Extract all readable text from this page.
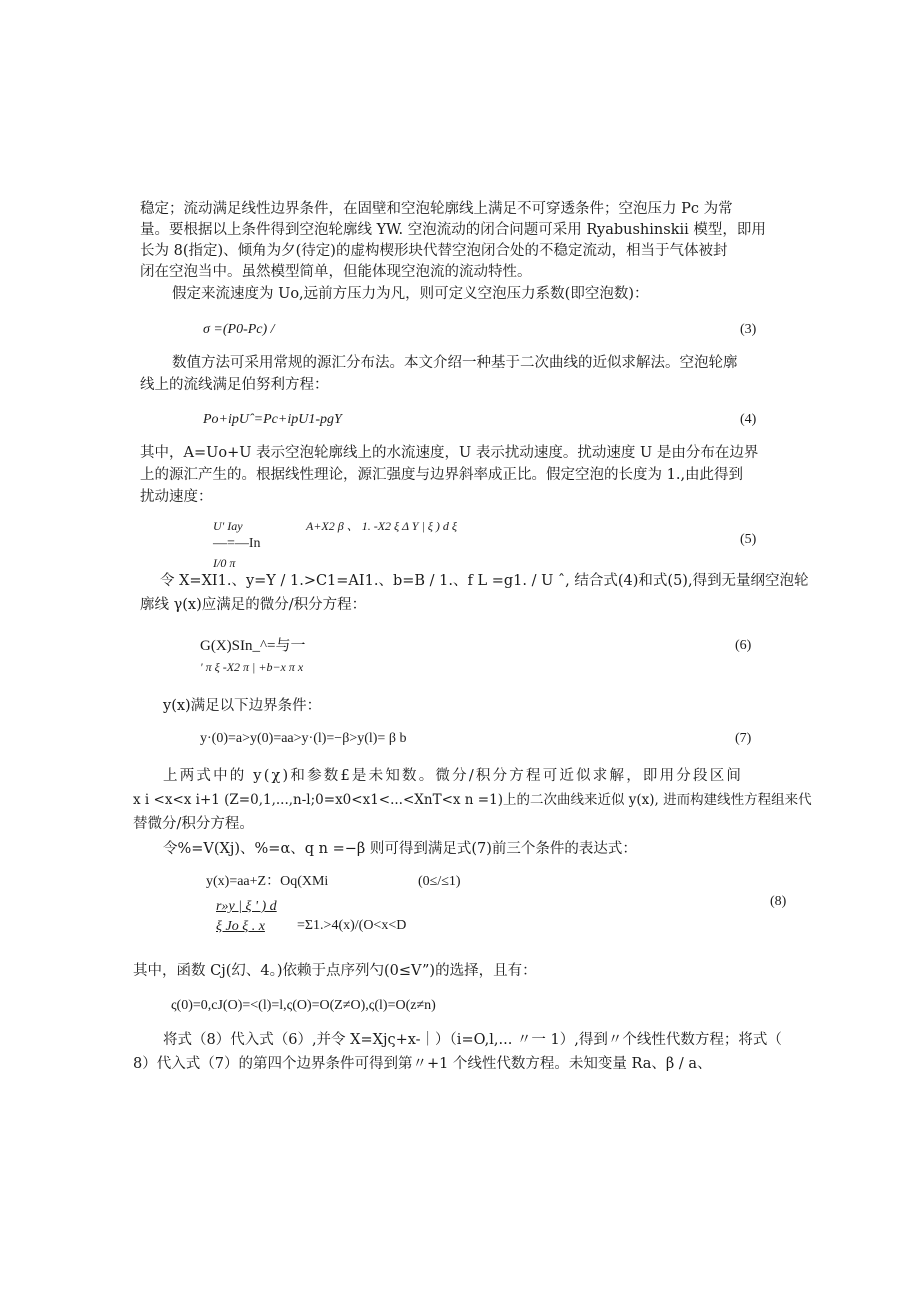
稳定；流动满足线性边界条件，在固壁和空泡轮廓线上满足不可穿透条件；空泡压力 Pc 为常
量。要根据以上条件得到空泡轮廓线 YW. 空泡流动的闭合问题可采用 Ryabushinskii 模型，即用
长为 8(指定)、倾角为夕(待定)的虚构楔形块代替空泡闭合处的不稳定流动，相当于气体被封
闭在空泡当中。虽然模型简单，但能体现空泡流的流动特性。
假定来流速度为 Uo,远前方压力为凡，则可定义空泡压力系数(即空泡数)：
σ =(P0-Pc) /	(3)
数值方法可采用常规的源汇分布法。本文介绍一种基于二次曲线的近似求解法。空泡轮廓
线上的流线满足伯努利方程：
Po+ipUˆ=Pc+ipU1-pgY	(4)
其中，A=Uo+U 表示空泡轮廓线上的水流速度，U 表示扰动速度。扰动速度 U 是由分布在边界
上的源汇产生的。根据线性理论，源汇强度与边界斜率成正比。假定空泡的长度为 1.,由此得到
扰动速度：
U' Iay	A+X2 β 、 1. -X2 ξ Δ Y | ξ ) d ξ
—=—In
I/0 π
(5)
令 X=XI1.、y=Y / 1.>C1=AI1.、b=B / 1.、f L =g1. / U ˆ, 结合式(4)和式(5),得到无量纲空泡轮
廓线 γ(x)应满足的微分/积分方程：
G(X)SIn_^=与一
' π ξ -X2 π | +b−x π x
(6)
y(x)满足以下边界条件：
y·(0)=a>y(0)=aa>y·(l)=−β>y(l)= β b	(7)
上两式中的 y(χ)和参数£是未知数。微分/积分方程可近似求解，即用分段区间
x i <x<x i+1 (Z=0,1,...,n-l;0=x0<x1<...<XnT<x n =1)上的二次曲线来近似 y(x), 进而构建线性方程组来代
替微分/积分方程。
令%=V(Xj)、%=α、q n =−β 则可得到满足式(7)前三个条件的表达式：
y(x)=aa+Z：Oq(XMi	(0≤/≤1)
r»y | ξ ' ) d
ξ Jo ξ . x =Σ1.>4(x)/(O<x<D
(8)
其中，函数 Cj(幻、4。)依赖于点序列勺(0≤V”)的选择，且有：
ς(0)=0,cJ(O)=<(l)=l,ς(O)=O(Z≠O),ς(l)=O(z≠n)
将式（8）代入式（6）,并令 X=Xjς+x-｜）（i=O,l,... 〃一 1）,得到〃个线性代数方程；将式（
8）代入式（7）的第四个边界条件可得到第〃+1 个线性代数方程。未知变量 Ra、β / a、
